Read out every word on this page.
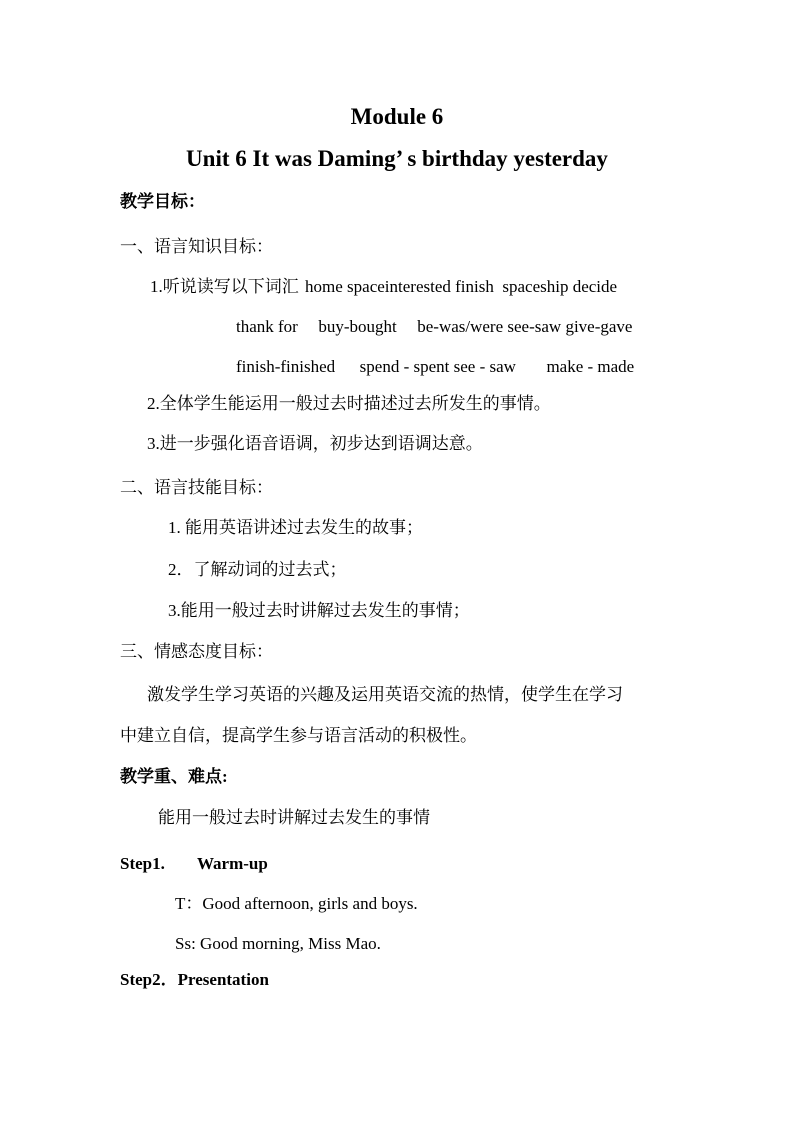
Module 6
Unit 6 It was Daming’ s birthday yesterday
教学目标：
一、语言知识目标：
1.听说读写以下词汇 home spaceinterested finish spaceship decide
thank for buy-bought be-was/were see-saw give-gave
finish-finished spend - spent see - saw make - made
2.全体学生能运用一般过去时描述过去所发生的事情。
3.进一步强化语音语调，初步达到语调达意。
二、语言技能目标：
1. 能用英语讲述过去发生的故事；
2．了解动词的过去式；
3.能用一般过去时讲解过去发生的事情；
三、情感态度目标：
激发学生学习英语的兴趣及运用英语交流的热情，使学生在学习
中建立自信，提高学生参与语言活动的积极性。
教学重、难点:
能用一般过去时讲解过去发生的事情
Step1. Warm-up
T：Good afternoon, girls and boys.
Ss: Good morning, Miss Mao.
Step2．Presentation
